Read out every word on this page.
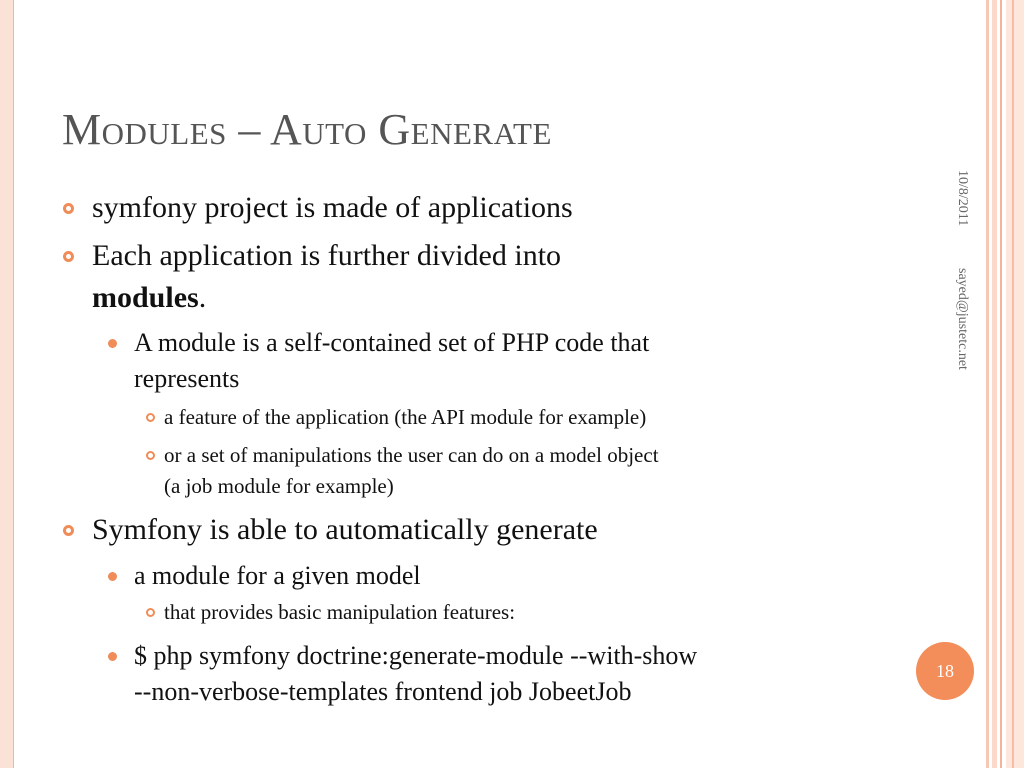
Modules – Auto Generate
symfony project is made of applications
Each application is further divided into
modules.
A module is a self-contained set of PHP code that
represents
a feature of the application (the API module for example)
or a set of manipulations the user can do on a model object
(a job module for example)
Symfony is able to automatically generate
a module for a given model
that provides basic manipulation features:
$ php symfony doctrine:generate-module --with-show
--non-verbose-templates frontend job JobeetJob
10/8/2011
sayed@justetc.net
18
